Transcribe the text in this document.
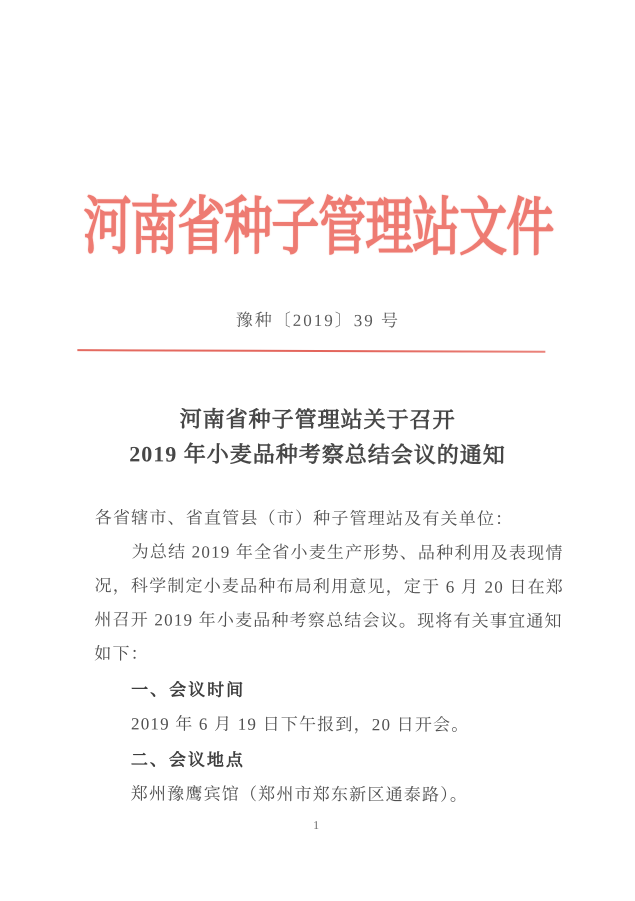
河南省种子管理站文件
豫种〔2019〕39 号
河南省种子管理站关于召开
2019 年小麦品种考察总结会议的通知
各省辖市、省直管县（市）种子管理站及有关单位：
为总结 2019 年全省小麦生产形势、品种利用及表现情
况，科学制定小麦品种布局利用意见，定于 6 月 20 日在郑
州召开 2019 年小麦品种考察总结会议。现将有关事宜通知
如下：
一、会议时间
2019 年 6 月 19 日下午报到，20 日开会。
二、会议地点
郑州豫鹰宾馆（郑州市郑东新区通泰路）。
1
